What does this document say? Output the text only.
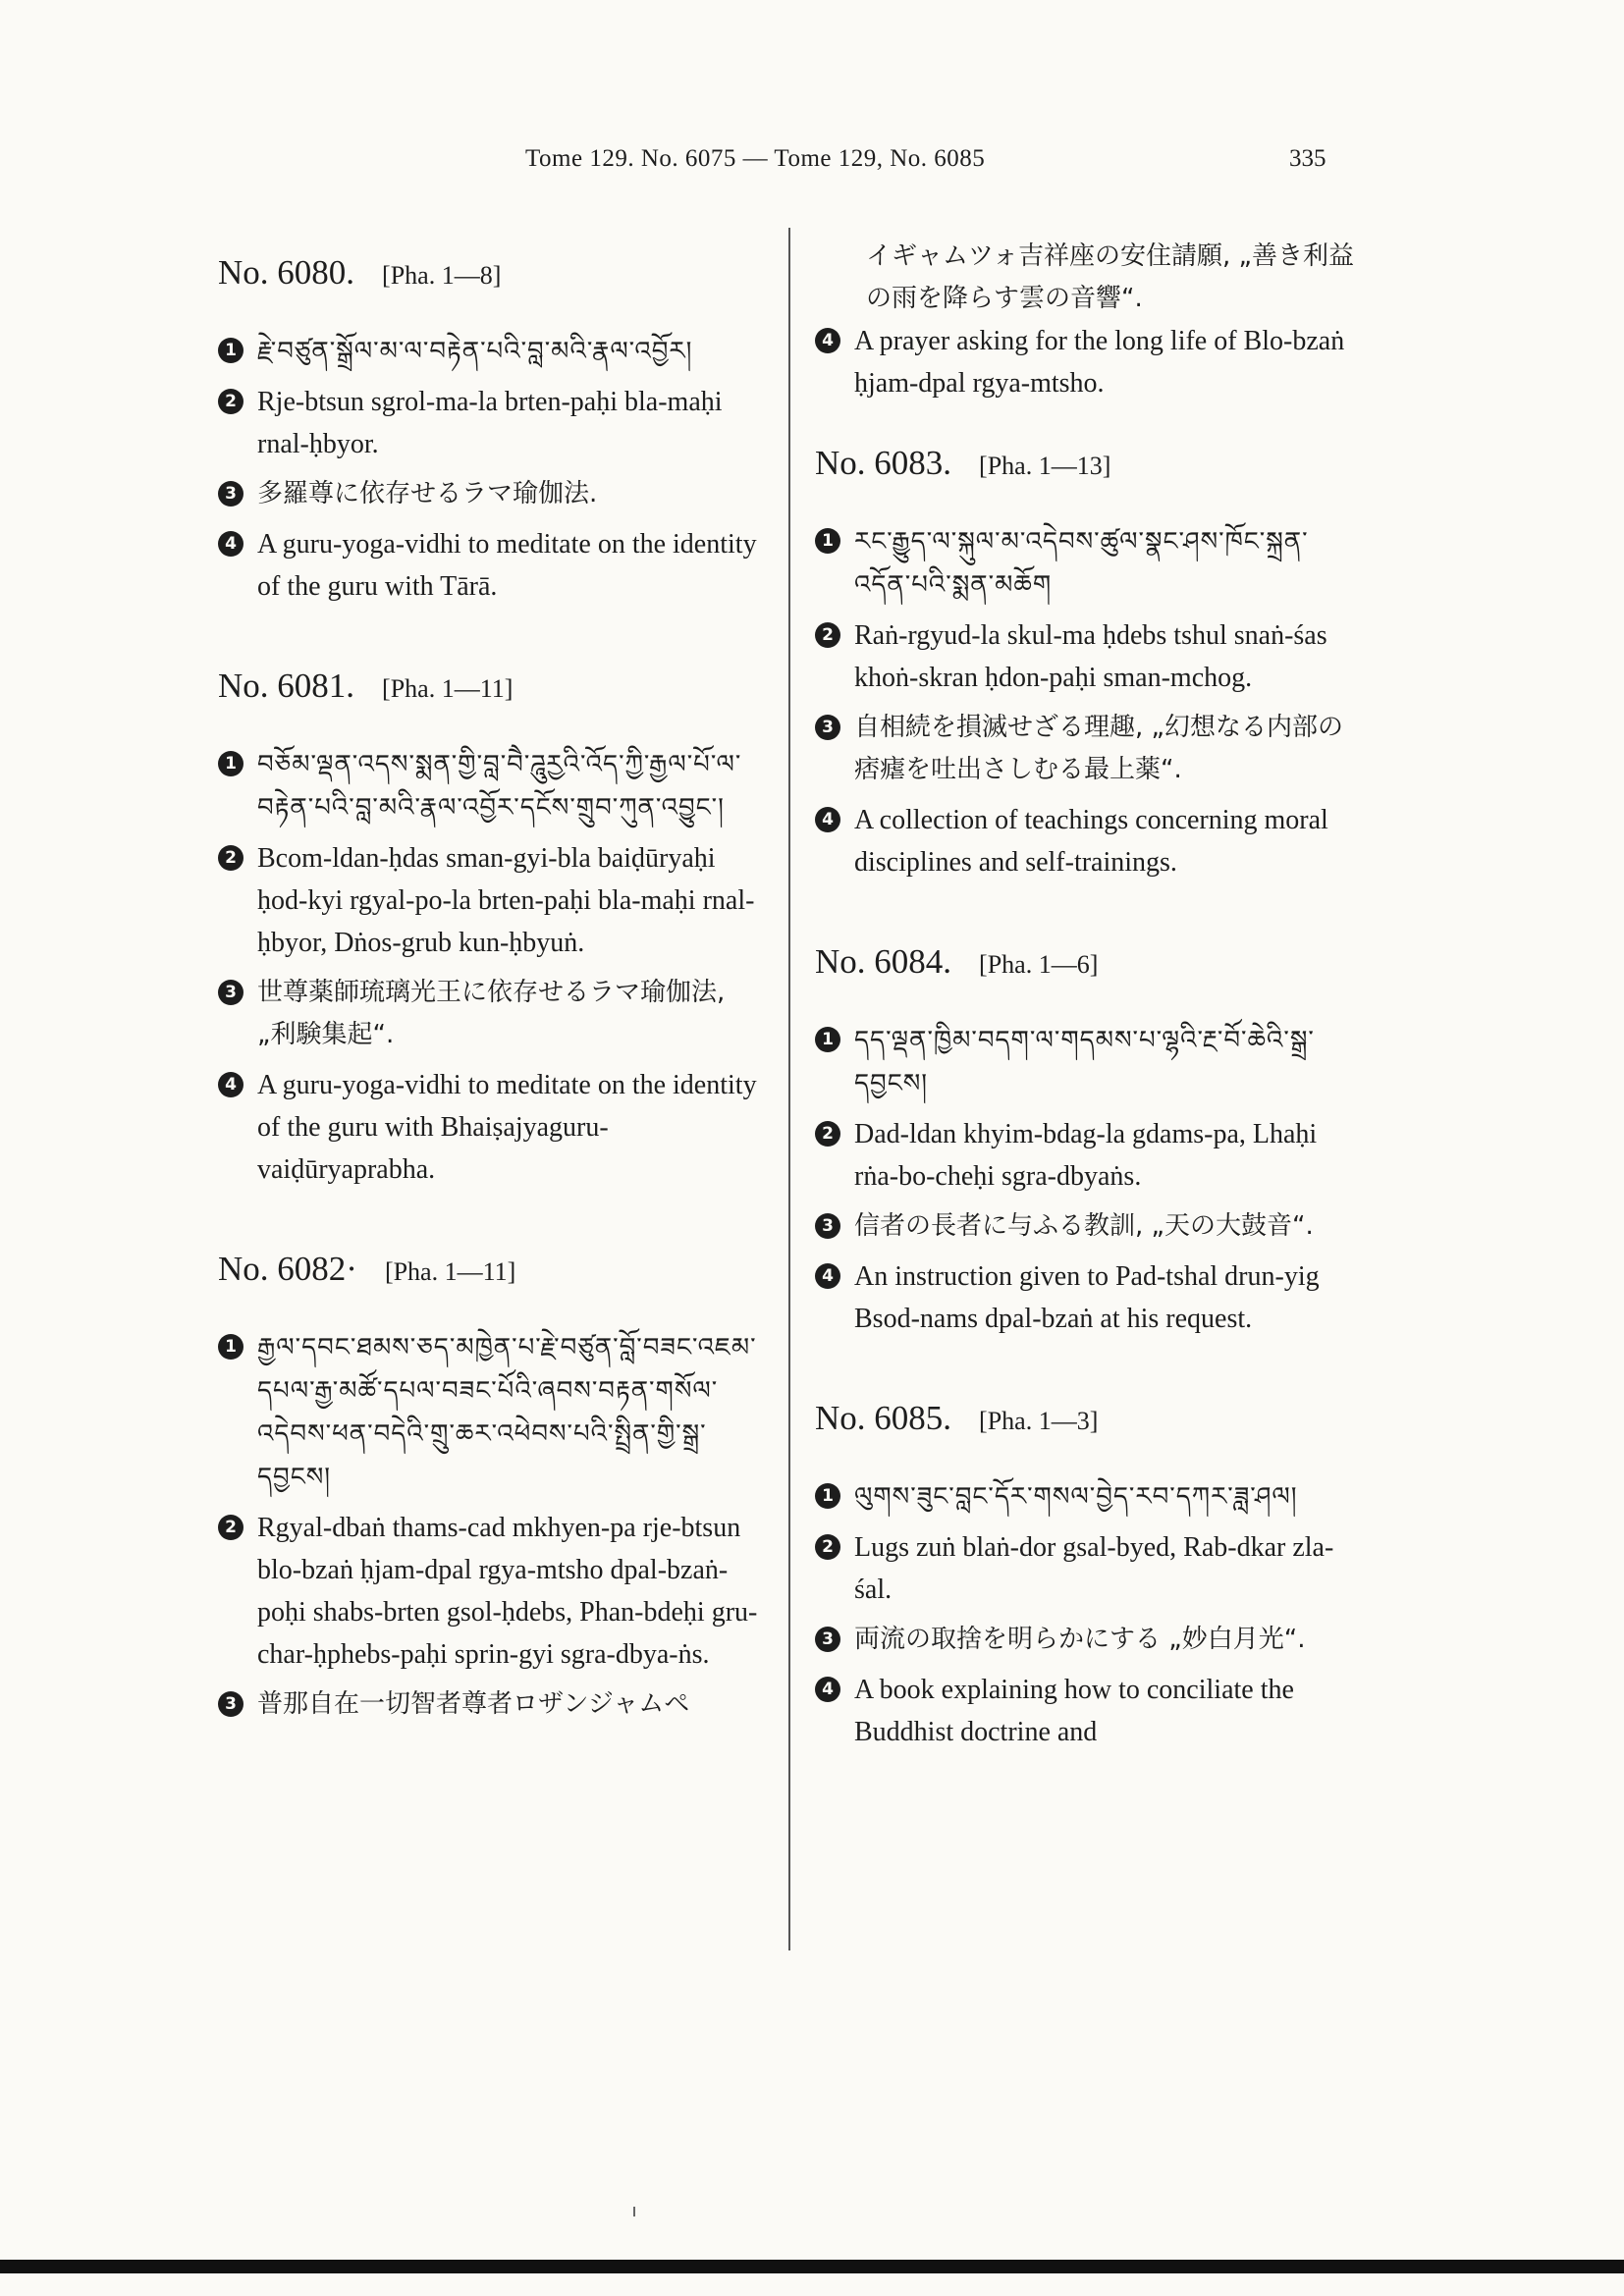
Tome 129. No. 6075 — Tome 129, No. 6085	335
No. 6080. [Pha. 1—8]
1 རྗེ་བཙུན་སྒྲོལ་མ་ལ་བརྟེན་པའི་བླ་མའི་རྣལ་འབྱོར།
2 Rje-btsun sgrol-ma-la brten-paḥi bla-maḥi rnal-ḥbyor.
3 多羅尊に依存せるラマ瑜伽法.
4 A guru-yoga-vidhi to meditate on the identity of the guru with Tārā.
No. 6081. [Pha. 1—11]
1 བཅོམ་ལྡན་འདས་སྨན་གྱི་བླ་བཻ་ཌཱུརྱའི་འོད་ཀྱི་རྒྱལ་པོ་ལ་བརྟེན་པའི་བླ་མའི་རྣལ་འབྱོར་དངོས་གྲུབ་ཀུན་འབྱུང་།
2 Bcom-ldan-ḥdas sman-gyi-bla baiḍūryaḥi ḥod-kyi rgyal-po-la brten-paḥi bla-maḥi rnal-ḥbyor, Dṅos-grub kun-ḥbyuṅ.
3 世尊薬師琉璃光王に依存せるラマ瑜伽法, „利験集起“.
4 A guru-yoga-vidhi to meditate on the identity of the guru with Bhaiṣajyaguru-vaiḍūryaprabha.
No. 6082· [Pha. 1—11]
1 རྒྱལ་དབང་ཐམས་ཅད་མཁྱེན་པ་རྗེ་བཙུན་བློ་བཟང་འཇམ་དཔལ་རྒྱ་མཚོ་དཔལ་བཟང་པོའི་ཞབས་བརྟན་གསོལ་འདེབས་ཕན་བདེའི་གྲུ་ཆར་འཕེབས་པའི་སྤྲིན་གྱི་སྒྲ་དབྱངས།
2 Rgyal-dbaṅ thams-cad mkhyen-pa rje-btsun blo-bzaṅ ḥjam-dpal rgya-mtsho dpal-bzaṅ-poḥi shabs-brten gsol-ḥdebs, Phan-bdeḥi gru-char-ḥphebs-paḥi sprin-gyi sgra-dbya-ṅs.
3 普那自在一切智者尊者ロザンジャムペ
イギャムツォ吉祥座の安住請願, „善き利益の雨を降らす雲の音響“.
4 A prayer asking for the long life of Blo-bzaṅ ḥjam-dpal rgya-mtsho.
No. 6083. [Pha. 1—13]
1 རང་རྒྱུད་ལ་སྐུལ་མ་འདེབས་ཚུལ་སྣང་ཤས་ཁོང་སྐྲན་འདོན་པའི་སྨན་མཆོག
2 Raṅ-rgyud-la skul-ma ḥdebs tshul snaṅ-śas khoṅ-skran ḥdon-paḥi sman-mchog.
3 自相続を損滅せざる理趣, „幻想なる内部の痞瘧を吐出さしむる最上薬“.
4 A collection of teachings concerning moral disciplines and self-trainings.
No. 6084. [Pha. 1—6]
1 དད་ལྡན་ཁྱིམ་བདག་ལ་གདམས་པ་ལྷའི་རྔ་བོ་ཆེའི་སྒྲ་དབྱངས།
2 Dad-ldan khyim-bdag-la gdams-pa, Lhaḥi rṅa-bo-cheḥi sgra-dbyaṅs.
3 信者の長者に与ふる教訓, „天の大鼓音“.
4 An instruction given to Pad-tshal drun-yig Bsod-nams dpal-bzaṅ at his request.
No. 6085. [Pha. 1—3]
1 ལུགས་ཟུང་བླང་དོར་གསལ་བྱེད་རབ་དཀར་ཟླ་ཤལ།
2 Lugs zuṅ blaṅ-dor gsal-byed, Rab-dkar zla-śal.
3 両流の取捨を明らかにする „妙白月光“.
4 A book explaining how to conciliate the Buddhist doctrine and
